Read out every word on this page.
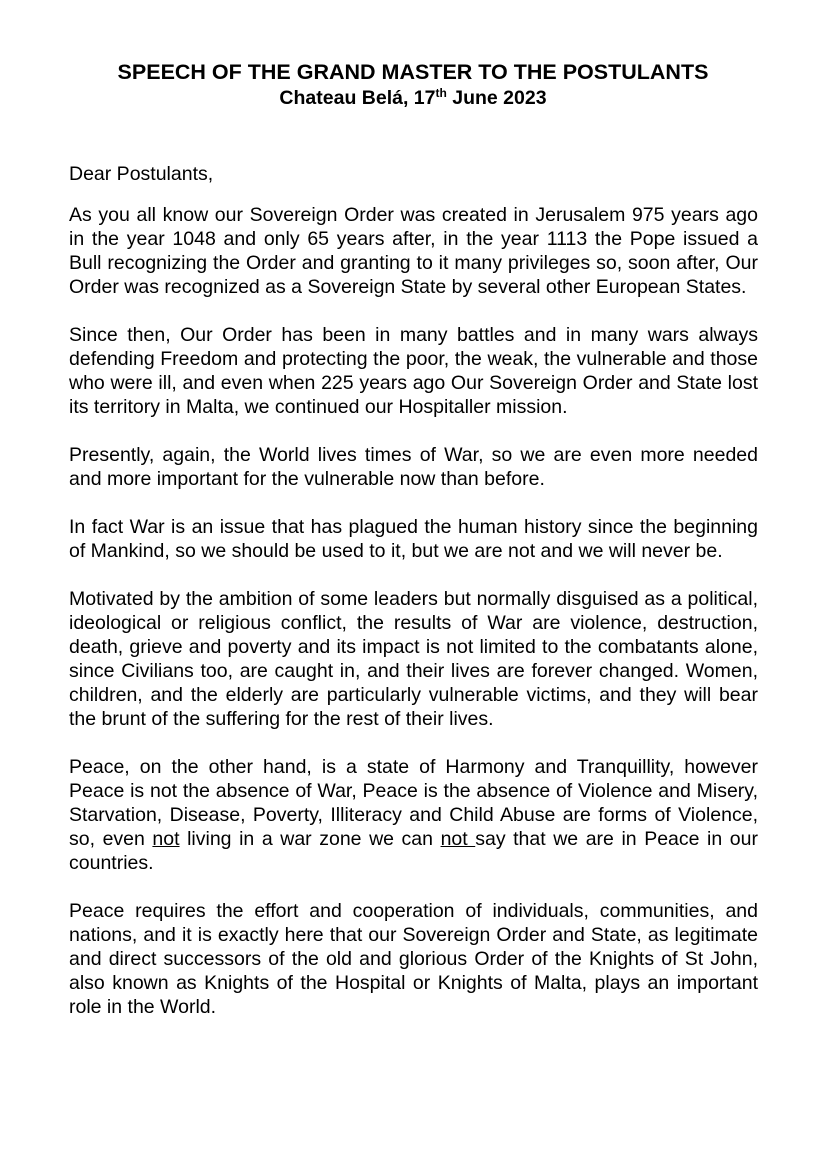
SPEECH OF THE GRAND MASTER TO THE POSTULANTS
Chateau Belá, 17th June 2023

Dear Postulants,

As you all know our Sovereign Order was created in Jerusalem 975 years ago in the year 1048 and only 65 years after, in the year 1113 the Pope issued a Bull recognizing the Order and granting to it many privileges so, soon after, Our Order was recognized as a Sovereign State by several other European States.

Since then, Our Order has been in many battles and in many wars always defending Freedom and protecting the poor, the weak, the vulnerable and those who were ill, and even when 225 years ago Our Sovereign Order and State lost its territory in Malta, we continued our Hospitaller mission.

Presently, again, the World lives times of War, so we are even more needed and more important for the vulnerable now than before.

In fact War is an issue that has plagued the human history since the beginning of Mankind, so we should be used to it, but we are not and we will never be.

Motivated by the ambition of some leaders but normally disguised as a political, ideological or religious conflict, the results of War are violence, destruction, death, grieve and poverty and its impact is not limited to the combatants alone, since Civilians too, are caught in, and their lives are forever changed. Women, children, and the elderly are particularly vulnerable victims, and they will bear the brunt of the suffering for the rest of their lives.

Peace, on the other hand, is a state of Harmony and Tranquillity, however Peace is not the absence of War, Peace is the absence of Violence and Misery, Starvation, Disease, Poverty, Illiteracy and Child Abuse are forms of Violence, so, even not living in a war zone we can not say that we are in Peace in our countries.

Peace requires the effort and cooperation of individuals, communities, and nations, and it is exactly here that our Sovereign Order and State, as legitimate and direct successors of the old and glorious Order of the Knights of St John, also known as Knights of the Hospital or Knights of Malta, plays an important role in the World.
